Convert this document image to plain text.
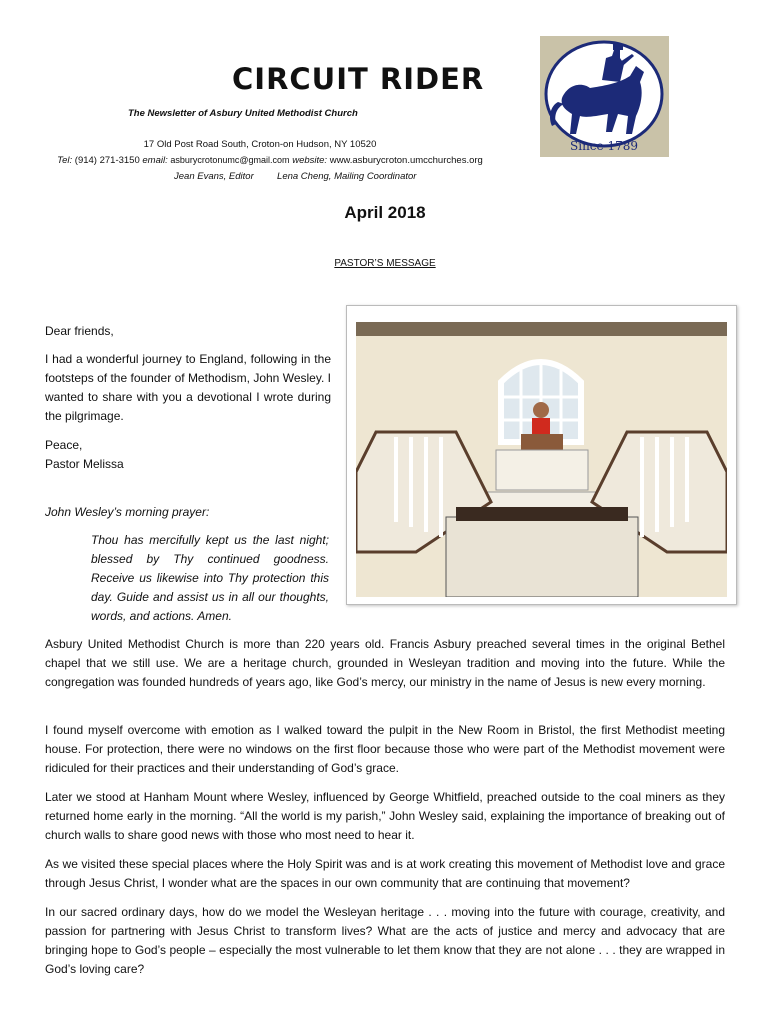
CIRCUIT RIDER
The Newsletter of Asbury United Methodist Church
17 Old Post Road South, Croton-on Hudson, NY 10520
Tel: (914) 271-3150 email: asburycrotonumc@gmail.com website: www.asburycroton.umcchurches.org
Jean Evans, Editor Lena Cheng, Mailing Coordinator
Since 1789
April 2018
PASTOR’S MESSAGE

Dear friends,

I had a wonderful journey to England, following in the footsteps of the founder of Methodism, John Wesley. I wanted to share with you a devotional I wrote during the pilgrimage.

Peace,

Pastor Melissa

John Wesley’s morning prayer:
Thou has mercifully kept us the last night; blessed by Thy continued goodness. Receive us likewise into Thy protection this day. Guide and assist us in all our thoughts, words, and actions. Amen.
Asbury United Methodist Church is more than 220 years old. Francis Asbury preached several times in the original Bethel chapel that we still use. We are a heritage church, grounded in Wesleyan tradition and moving into the future. While the congregation was founded hundreds of years ago, like God’s mercy, our ministry in the name of Jesus is new every morning.
I found myself overcome with emotion as I walked toward the pulpit in the New Room in Bristol, the first Methodist meeting house. For protection, there were no windows on the first floor because those who were part of the Methodist movement were ridiculed for their practices and their understanding of God’s grace.
Later we stood at Hanham Mount where Wesley, influenced by George Whitfield, preached outside to the coal miners as they returned home early in the morning. “All the world is my parish,” John Wesley said, explaining the importance of breaking out of church walls to share good news with those who most need to hear it.
As we visited these special places where the Holy Spirit was and is at work creating this movement of Methodist love and grace through Jesus Christ, I wonder what are the spaces in our own community that are continuing that movement?
In our sacred ordinary days, how do we model the Wesleyan heritage . . . moving into the future with courage, creativity, and passion for partnering with Jesus Christ to transform lives? What are the acts of justice and mercy and advocacy that are bringing hope to God’s people – especially the most vulnerable to let them know that they are not alone . . . they are wrapped in God’s loving care?
